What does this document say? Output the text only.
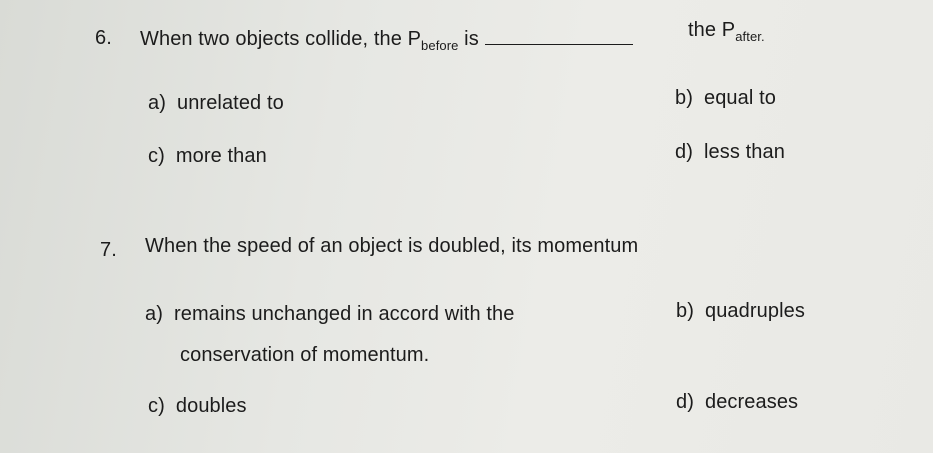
6. When two objects collide, the $P_{before}$ is	the $P_{after.}$
a) unrelated to	b) equal to
c) more than	d) less than
7. When the speed of an object is doubled, its momentum
a) remains unchanged in accord with the
conservation of momentum.
b) quadruples
c) doubles	d) decreases
